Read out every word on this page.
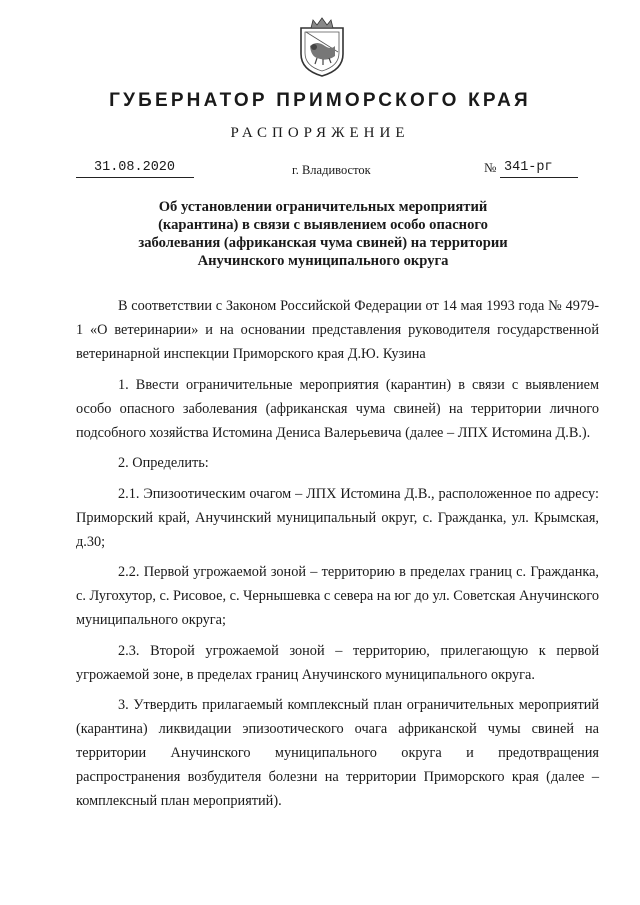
ГУБЕРНАТОР ПРИМОРСКОГО КРАЯ
РАСПОРЯЖЕНИЕ
31.08.2020	г. Владивосток	№ 341-рг
Об установлении ограничительных мероприятий (карантина) в связи с выявлением особо опасного заболевания (африканская чума свиней) на территории Анучинского муниципального округа

В соответствии с Законом Российской Федерации от 14 мая 1993 года № 4979-1 «О ветеринарии» и на основании представления руководителя государственной ветеринарной инспекции Приморского края Д.Ю. Кузина

1. Ввести ограничительные мероприятия (карантин) в связи с выявлением особо опасного заболевания (африканская чума свиней) на территории личного подсобного хозяйства Истомина Дениса Валерьевича (далее – ЛПХ Истомина Д.В.).

2. Определить:

2.1. Эпизоотическим очагом – ЛПХ Истомина Д.В., расположенное по адресу: Приморский край, Анучинский муниципальный округ, с. Гражданка, ул. Крымская, д.30;

2.2. Первой угрожаемой зоной – территорию в пределах границ с. Гражданка, с. Лугохутор, с. Рисовое, с. Чернышевка с севера на юг до ул. Советская Анучинского муниципального округа;

2.3. Второй угрожаемой зоной – территорию, прилегающую к первой угрожаемой зоне, в пределах границ Анучинского муниципального округа.

3. Утвердить прилагаемый комплексный план ограничительных мероприятий (карантина) ликвидации эпизоотического очага африканской чумы свиней на территории Анучинского муниципального округа и предотвращения распространения возбудителя болезни на территории Приморского края (далее – комплексный план мероприятий).
